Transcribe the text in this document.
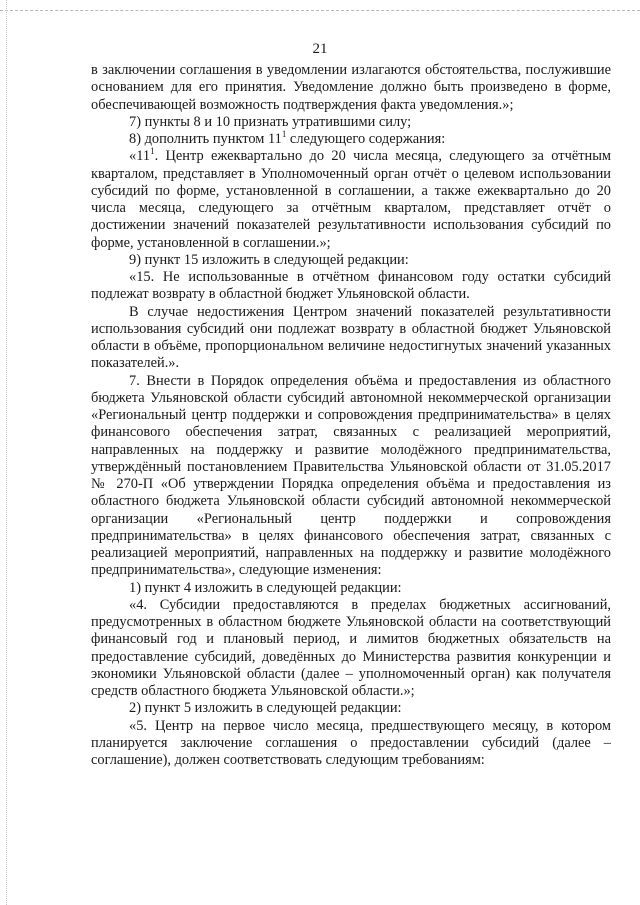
21

в заключении соглашения в уведомлении излагаются обстоятельства, послужившие основанием для его принятия. Уведомление должно быть произведено в форме, обеспечивающей возможность подтверждения факта уведомления.»;

7) пункты 8 и 10 признать утратившими силу;

8) дополнить пунктом $11^1$ следующего содержания:

«$11^1$. Центр ежеквартально до 20 числа месяца, следующего за отчётным кварталом, представляет в Уполномоченный орган отчёт о целевом использовании субсидий по форме, установленной в соглашении, а также ежеквартально до 20 числа месяца, следующего за отчётным кварталом, представляет отчёт о достижении значений показателей результативности использования субсидий по форме, установленной в соглашении.»;

9) пункт 15 изложить в следующей редакции:

«15. Не использованные в отчётном финансовом году остатки субсидий подлежат возврату в областной бюджет Ульяновской области.

В случае недостижения Центром значений показателей результативности использования субсидий они подлежат возврату в областной бюджет Ульяновской области в объёме, пропорциональном величине недостигнутых значений указанных показателей.».

7. Внести в Порядок определения объёма и предоставления из областного бюджета Ульяновской области субсидий автономной некоммерческой организации «Региональный центр поддержки и сопровождения предпринимательства» в целях финансового обеспечения затрат, связанных с реализацией мероприятий, направленных на поддержку и развитие молодёжного предпринимательства, утверждённый постановлением Правительства Ульяновской области от 31.05.2017 № 270-П «Об утверждении Порядка определения объёма и предоставления из областного бюджета Ульяновской области субсидий автономной некоммерческой организации «Региональный центр поддержки и сопровождения предпринимательства» в целях финансового обеспечения затрат, связанных с реализацией мероприятий, направленных на поддержку и развитие молодёжного предпринимательства», следующие изменения:

1) пункт 4 изложить в следующей редакции:

«4. Субсидии предоставляются в пределах бюджетных ассигнований, предусмотренных в областном бюджете Ульяновской области на соответствующий финансовый год и плановый период, и лимитов бюджетных обязательств на предоставление субсидий, доведённых до Министерства развития конкуренции и экономики Ульяновской области (далее – уполномоченный орган) как получателя средств областного бюджета Ульяновской области.»;

2) пункт 5 изложить в следующей редакции:

«5. Центр на первое число месяца, предшествующего месяцу, в котором планируется заключение соглашения о предоставлении субсидий (далее – соглашение), должен соответствовать следующим требованиям:
